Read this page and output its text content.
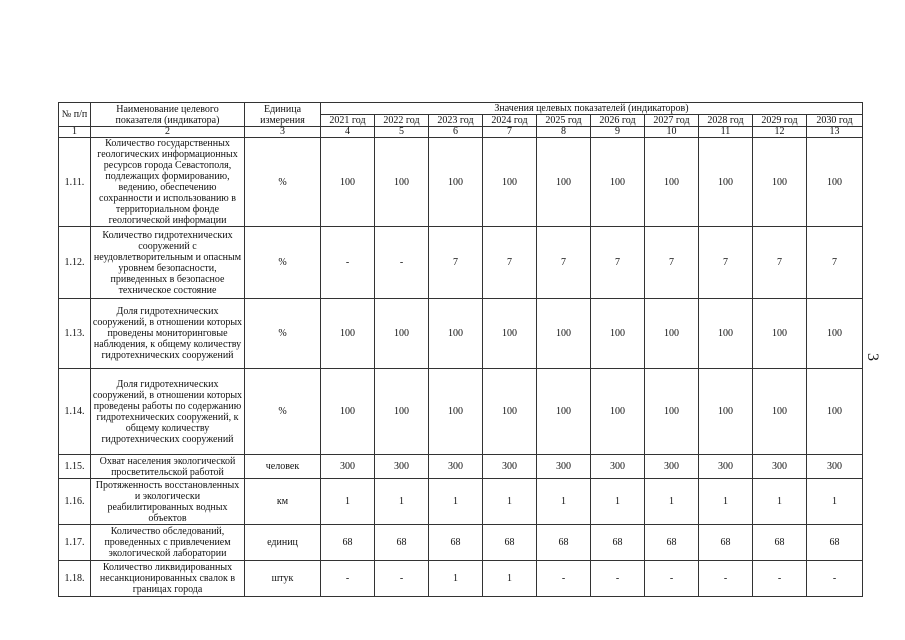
№ п/п	Наименование целевого показателя (индикатора)	Единица измерения	Значения целевых показателей (индикаторов)									
			2021 год	2022 год	2023 год	2024 год	2025 год	2026 год	2027 год	2028 год	2029 год	2030 год
1	2	3	4	5	6	7	8	9	10	11	12	13
1.11.	Количество государственных геологических информационных ресурсов города Севастополя, подлежащих формированию, ведению, обеспечению сохранности и использованию в территориальном фонде геологической информации	%	100	100	100	100	100	100	100	100	100	100
1.12.	Количество гидротехнических сооружений с неудовлетворительным и опасным уровнем безопасности, приведенных в безопасное техническое состояние	%	-	-	7	7	7	7	7	7	7	7
1.13.	Доля гидротехнических сооружений, в отношении которых проведены мониторинговые наблюдения, к общему количеству гидротехнических сооружений	%	100	100	100	100	100	100	100	100	100	100
1.14.	Доля гидротехнических сооружений, в отношении которых проведены работы по содержанию гидротехнических сооружений, к общему количеству гидротехнических сооружений	%	100	100	100	100	100	100	100	100	100	100
1.15.	Охват населения экологической просветительской работой	человек	300	300	300	300	300	300	300	300	300	300
1.16.	Протяженность восстановленных и экологически реабилитированных водных объектов	км	1	1	1	1	1	1	1	1	1	1
1.17.	Количество обследований, проведенных с привлечением экологической лаборатории	единиц	68	68	68	68	68	68	68	68	68	68
1.18.	Количество ликвидированных несанкционированных свалок в границах города	штук	-	-	1	1	-	-	-	-	-	-
3
